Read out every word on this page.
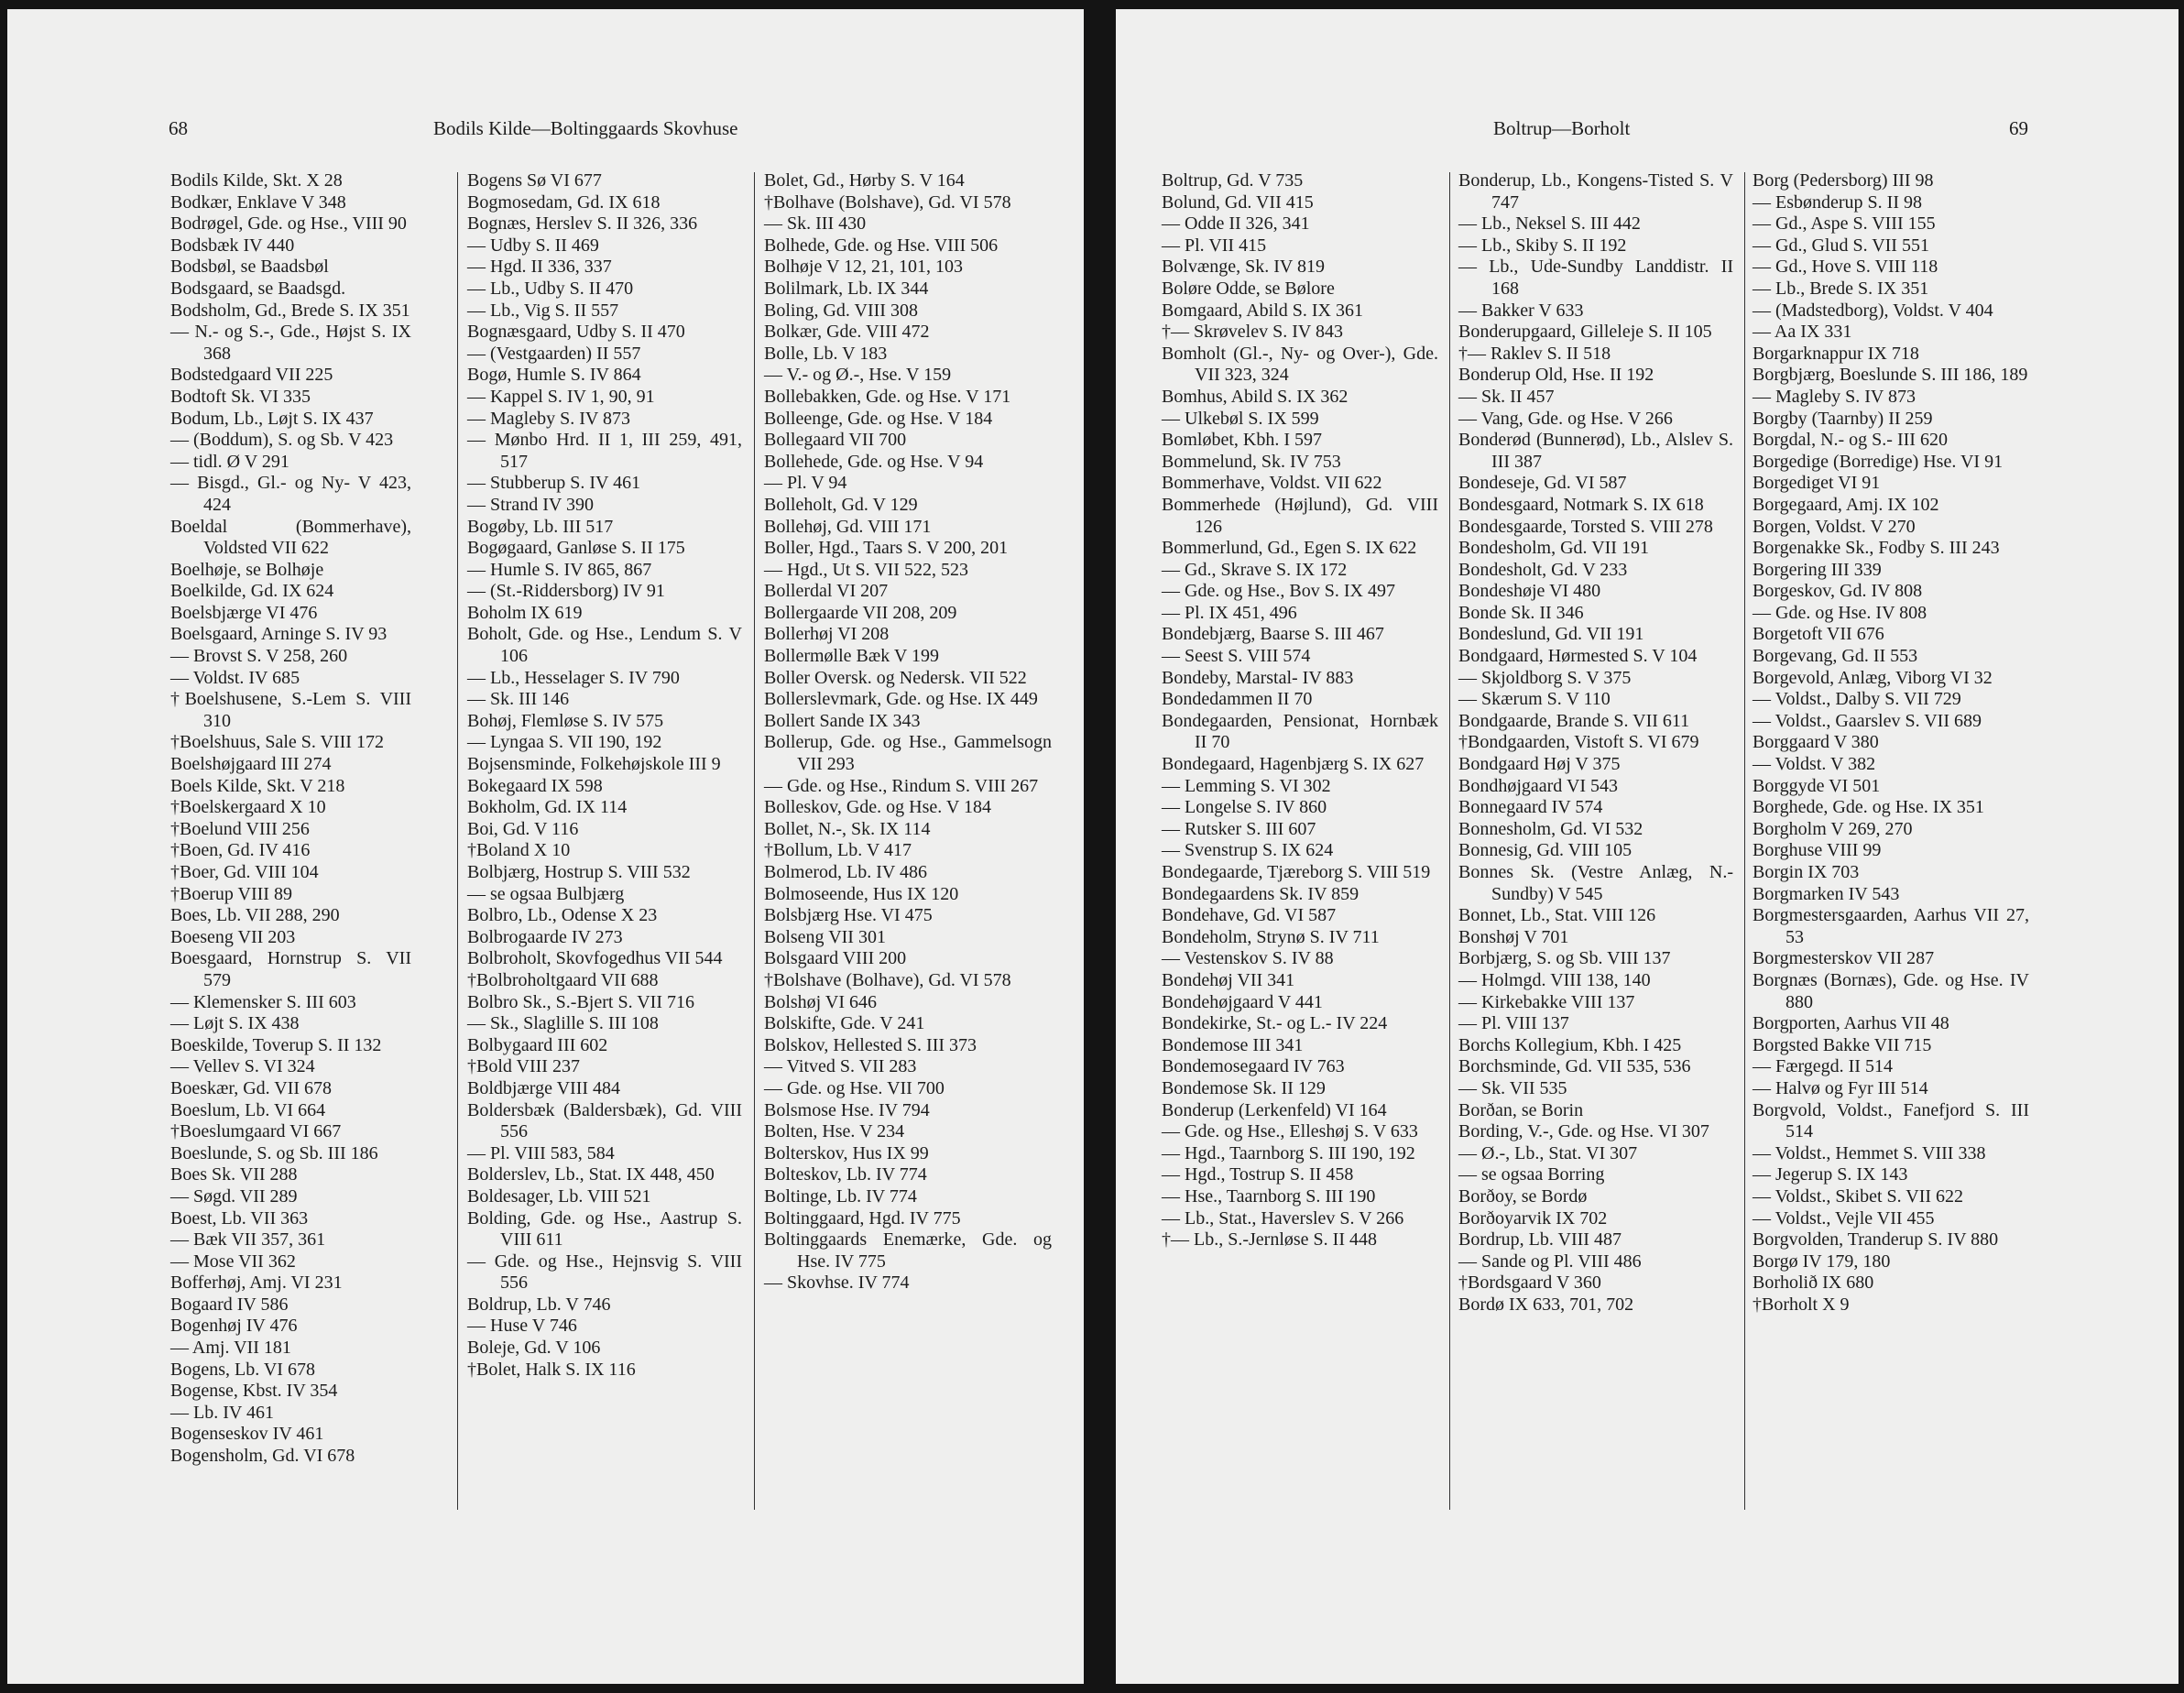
68	Bodils Kilde—Boltinggaards Skovhuse
Bodils Kilde, Skt. X 28
Bodkær, Enklave V 348
Bodrøgel, Gde. og Hse., VIII 90
Bodsbæk IV 440
Bodsbøl, se Baadsbøl
Bodsgaard, se Baadsgd.
Bodsholm, Gd., Brede S. IX 351
— N.- og S.-, Gde., Højst S. IX 368
Bodstedgaard VII 225
Bodtoft Sk. VI 335
Bodum, Lb., Løjt S. IX 437
— (Boddum), S. og Sb. V 423
— tidl. Ø V 291
— Bisgd., Gl.- og Ny- V 423, 424
Boeldal (Bommerhave), Voldsted VII 622
Boelhøje, se Bolhøje
Boelkilde, Gd. IX 624
Boelsbjærge VI 476
Boelsgaard, Arninge S. IV 93
— Brovst S. V 258, 260
— Voldst. IV 685
†Boelshusene, S.-Lem S. VIII 310
†Boelshuus, Sale S. VIII 172
Boelshøjgaard III 274
Boels Kilde, Skt. V 218
†Boelskergaard X 10
†Boelund VIII 256
†Boen, Gd. IV 416
†Boer, Gd. VIII 104
†Boerup VIII 89
Boes, Lb. VII 288, 290
Boeseng VII 203
Boesgaard, Hornstrup S. VII 579
— Klemensker S. III 603
— Løjt S. IX 438
Boeskilde, Toverup S. II 132
— Vellev S. VI 324
Boeskær, Gd. VII 678
Boeslum, Lb. VI 664
†Boeslumgaard VI 667
Boeslunde, S. og Sb. III 186
Boes Sk. VII 288
— Søgd. VII 289
Boest, Lb. VII 363
— Bæk VII 357, 361
— Mose VII 362
Bofferhøj, Amj. VI 231
Bogaard IV 586
Bogenhøj IV 476
— Amj. VII 181
Bogens, Lb. VI 678
Bogense, Kbst. IV 354
— Lb. IV 461
Bogenseskov IV 461
Bogensholm, Gd. VI 678
Bogens Sø VI 677
Bogmosedam, Gd. IX 618
Bognæs, Herslev S. II 326, 336
— Udby S. II 469
— Hgd. II 336, 337
— Lb., Udby S. II 470
— Lb., Vig S. II 557
Bognæsgaard, Udby S. II 470
— (Vestgaarden) II 557
Bogø, Humle S. IV 864
— Kappel S. IV 1, 90, 91
— Magleby S. IV 873
— Mønbo Hrd. II 1, III 259, 491, 517
— Stubberup S. IV 461
— Strand IV 390
Bogøby, Lb. III 517
Bogøgaard, Ganløse S. II 175
— Humle S. IV 865, 867
— (St.-Riddersborg) IV 91
Boholm IX 619
Boholt, Gde. og Hse., Lendum S. V 106
— Lb., Hesselager S. IV 790
— Sk. III 146
Bohøj, Flemløse S. IV 575
— Lyngaa S. VII 190, 192
Bojsensminde, Folkehøjskole III 9
Bokegaard IX 598
Bokholm, Gd. IX 114
Boi, Gd. V 116
†Boland X 10
Bolbjærg, Hostrup S. VIII 532
— se ogsaa Bulbjærg
Bolbro, Lb., Odense X 23
Bolbrogaarde IV 273
Bolbroholt, Skovfogedhus VII 544
†Bolbroholtgaard VII 688
Bolbro Sk., S.-Bjert S. VII 716
— Sk., Slaglille S. III 108
Bolbygaard III 602
†Bold VIII 237
Boldbjærge VIII 484
Boldersbæk (Baldersbæk), Gd. VIII 556
— Pl. VIII 583, 584
Bolderslev, Lb., Stat. IX 448, 450
Boldesager, Lb. VIII 521
Bolding, Gde. og Hse., Aastrup S. VIII 611
— Gde. og Hse., Hejnsvig S. VIII 556
Boldrup, Lb. V 746
— Huse V 746
Boleje, Gd. V 106
†Bolet, Halk S. IX 116
Bolet, Gd., Hørby S. V 164
†Bolhave (Bolshave), Gd. VI 578
— Sk. III 430
Bolhede, Gde. og Hse. VIII 506
Bolhøje V 12, 21, 101, 103
Bolilmark, Lb. IX 344
Boling, Gd. VIII 308
Bolkær, Gde. VIII 472
Bolle, Lb. V 183
— V.- og Ø.-, Hse. V 159
Bollebakken, Gde. og Hse. V 171
Bolleenge, Gde. og Hse. V 184
Bollegaard VII 700
Bollehede, Gde. og Hse. V 94
— Pl. V 94
Bolleholt, Gd. V 129
Bollehøj, Gd. VIII 171
Boller, Hgd., Taars S. V 200, 201
— Hgd., Ut S. VII 522, 523
Bollerdal VI 207
Bollergaarde VII 208, 209
Bollerhøj VI 208
Bollermølle Bæk V 199
Boller Oversk. og Nedersk. VII 522
Bollerslevmark, Gde. og Hse. IX 449
Bollert Sande IX 343
Bollerup, Gde. og Hse., Gammelsogn VII 293
— Gde. og Hse., Rindum S. VIII 267
Bolleskov, Gde. og Hse. V 184
Bollet, N.-, Sk. IX 114
†Bollum, Lb. V 417
Bolmerod, Lb. IV 486
Bolmoseende, Hus IX 120
Bolsbjærg Hse. VI 475
Bolseng VII 301
Bolsgaard VIII 200
†Bolshave (Bolhave), Gd. VI 578
Bolshøj VI 646
Bolskifte, Gde. V 241
Bolskov, Hellested S. III 373
— Vitved S. VII 283
— Gde. og Hse. VII 700
Bolsmose Hse. IV 794
Bolten, Hse. V 234
Bolterskov, Hus IX 99
Bolteskov, Lb. IV 774
Boltinge, Lb. IV 774
Boltinggaard, Hgd. IV 775
Boltinggaards Enemærke, Gde. og Hse. IV 775
— Skovhse. IV 774
Boltrup—Borholt	69
Boltrup, Gd. V 735
Bolund, Gd. VII 415
— Odde II 326, 341
— Pl. VII 415
Bolvænge, Sk. IV 819
Boløre Odde, se Bølore
Bomgaard, Abild S. IX 361
†— Skrøvelev S. IV 843
Bomholt (Gl.-, Ny- og Over-), Gde. VII 323, 324
Bomhus, Abild S. IX 362
— Ulkebøl S. IX 599
Bomløbet, Kbh. I 597
Bommelund, Sk. IV 753
Bommerhave, Voldst. VII 622
Bommerhede (Højlund), Gd. VIII 126
Bommerlund, Gd., Egen S. IX 622
— Gd., Skrave S. IX 172
— Gde. og Hse., Bov S. IX 497
— Pl. IX 451, 496
Bondebjærg, Baarse S. III 467
— Seest S. VIII 574
Bondeby, Marstal- IV 883
Bondedammen II 70
Bondegaarden, Pensionat, Hornbæk II 70
Bondegaard, Hagenbjærg S. IX 627
— Lemming S. VI 302
— Longelse S. IV 860
— Rutsker S. III 607
— Svenstrup S. IX 624
Bondegaarde, Tjæreborg S. VIII 519
Bondegaardens Sk. IV 859
Bondehave, Gd. VI 587
Bondeholm, Strynø S. IV 711
— Vestenskov S. IV 88
Bondehøj VII 341
Bondehøjgaard V 441
Bondekirke, St.- og L.- IV 224
Bondemose III 341
Bondemosegaard IV 763
Bondemose Sk. II 129
Bonderup (Lerkenfeld) VI 164
— Gde. og Hse., Elleshøj S. V 633
— Hgd., Taarnborg S. III 190, 192
— Hgd., Tostrup S. II 458
— Hse., Taarnborg S. III 190
— Lb., Stat., Haverslev S. V 266
†— Lb., S.-Jernløse S. II 448
Bonderup, Lb., Kongens-Tisted S. V 747
— Lb., Neksel S. III 442
— Lb., Skiby S. II 192
— Lb., Ude-Sundby Landdistr. II 168
— Bakker V 633
Bonderupgaard, Gilleleje S. II 105
†— Raklev S. II 518
Bonderup Old, Hse. II 192
— Sk. II 457
— Vang, Gde. og Hse. V 266
Bonderød (Bunnerød), Lb., Alslev S. III 387
Bondeseje, Gd. VI 587
Bondesgaard, Notmark S. IX 618
Bondesgaarde, Torsted S. VIII 278
Bondesholm, Gd. VII 191
Bondesholt, Gd. V 233
Bondeshøje VI 480
Bonde Sk. II 346
Bondeslund, Gd. VII 191
Bondgaard, Hørmested S. V 104
— Skjoldborg S. V 375
— Skærum S. V 110
Bondgaarde, Brande S. VII 611
†Bondgaarden, Vistoft S. VI 679
Bondgaard Høj V 375
Bondhøjgaard VI 543
Bonnegaard IV 574
Bonnesholm, Gd. VI 532
Bonnesig, Gd. VIII 105
Bonnes Sk. (Vestre Anlæg, N.-Sundby) V 545
Bonnet, Lb., Stat. VIII 126
Bonshøj V 701
Borbjærg, S. og Sb. VIII 137
— Holmgd. VIII 138, 140
— Kirkebakke VIII 137
— Pl. VIII 137
Borchs Kollegium, Kbh. I 425
Borchsminde, Gd. VII 535, 536
— Sk. VII 535
Borðan, se Borin
Bording, V.-, Gde. og Hse. VI 307
— Ø.-, Lb., Stat. VI 307
— se ogsaa Borring
Borðoy, se Bordø
Borðoyarvik IX 702
Bordrup, Lb. VIII 487
— Sande og Pl. VIII 486
†Bordsgaard V 360
Bordø IX 633, 701, 702
Borg (Pedersborg) III 98
— Esbønderup S. II 98
— Gd., Aspe S. VIII 155
— Gd., Glud S. VII 551
— Gd., Hove S. VIII 118
— Lb., Brede S. IX 351
— (Madstedborg), Voldst. V 404
— Aa IX 331
Borgarknappur IX 718
Borgbjærg, Boeslunde S. III 186, 189
— Magleby S. IV 873
Borgby (Taarnby) II 259
Borgdal, N.- og S.- III 620
Borgedige (Borredige) Hse. VI 91
Borgediget VI 91
Borgegaard, Amj. IX 102
Borgen, Voldst. V 270
Borgenakke Sk., Fodby S. III 243
Borgering III 339
Borgeskov, Gd. IV 808
— Gde. og Hse. IV 808
Borgetoft VII 676
Borgevang, Gd. II 553
Borgevold, Anlæg, Viborg VI 32
— Voldst., Dalby S. VII 729
— Voldst., Gaarslev S. VII 689
Borggaard V 380
— Voldst. V 382
Borggyde VI 501
Borghede, Gde. og Hse. IX 351
Borgholm V 269, 270
Borghuse VIII 99
Borgin IX 703
Borgmarken IV 543
Borgmestersgaarden, Aarhus VII 27, 53
Borgmesterskov VII 287
Borgnæs (Bornæs), Gde. og Hse. IV 880
Borgporten, Aarhus VII 48
Borgsted Bakke VII 715
— Færgegd. II 514
— Halvø og Fyr III 514
Borgvold, Voldst., Fanefjord S. III 514
— Voldst., Hemmet S. VIII 338
— Jegerup S. IX 143
— Voldst., Skibet S. VII 622
— Voldst., Vejle VII 455
Borgvolden, Tranderup S. IV 880
Borgø IV 179, 180
Borholið IX 680
†Borholt X 9
